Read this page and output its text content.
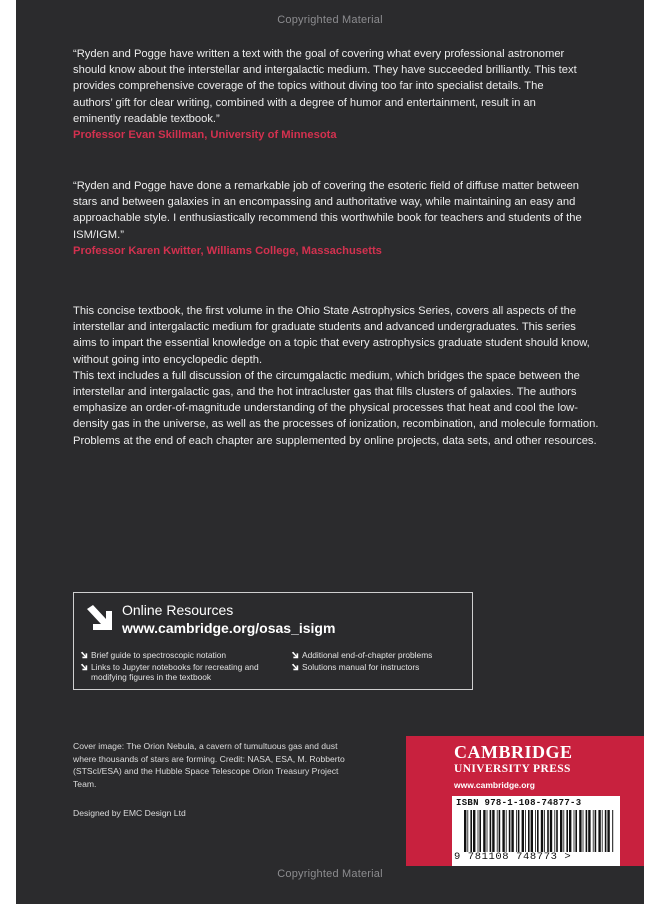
Copyrighted Material

“Ryden and Pogge have written a text with the goal of covering what every professional astronomer should know about the interstellar and intergalactic medium. They have succeeded brilliantly. This text provides comprehensive coverage of the topics without diving too far into specialist details. The authors’ gift for clear writing, combined with a degree of humor and entertainment, result in an eminently readable textbook.”

Professor Evan Skillman, University of Minnesota

“Ryden and Pogge have done a remarkable job of covering the esoteric field of diffuse matter between stars and between galaxies in an encompassing and authoritative way, while maintaining an easy and approachable style. I enthusiastically recommend this worthwhile book for teachers and students of the ISM/IGM.”

Professor Karen Kwitter, Williams College, Massachusetts

This concise textbook, the first volume in the Ohio State Astrophysics Series, covers all aspects of the interstellar and intergalactic medium for graduate students and advanced undergraduates. This series aims to impart the essential knowledge on a topic that every astrophysics graduate student should know, without going into encyclopedic depth.

This text includes a full discussion of the circumgalactic medium, which bridges the space between the interstellar and intergalactic gas, and the hot intracluster gas that fills clusters of galaxies. The authors emphasize an order-of-magnitude understanding of the physical processes that heat and cool the low-density gas in the universe, as well as the processes of ionization, recombination, and molecule formation. Problems at the end of each chapter are supplemented by online projects, data sets, and other resources.

Online Resources
www.cambridge.org/osas_isigm
Brief guide to spectroscopic notation
Links to Jupyter notebooks for recreating and modifying figures in the textbook
Additional end-of-chapter problems
Solutions manual for instructors
Cover image: The Orion Nebula, a cavern of tumultuous gas and dust where thousands of stars are forming. Credit: NASA, ESA, M. Robberto (STScI/ESA) and the Hubble Space Telescope Orion Treasury Project Team.
Designed by EMC Design Ltd
CAMBRIDGE
UNIVERSITY PRESS
www.cambridge.org
ISBN 978-1-108-74877-3
9 781108 748773 >
Copyrighted Material
